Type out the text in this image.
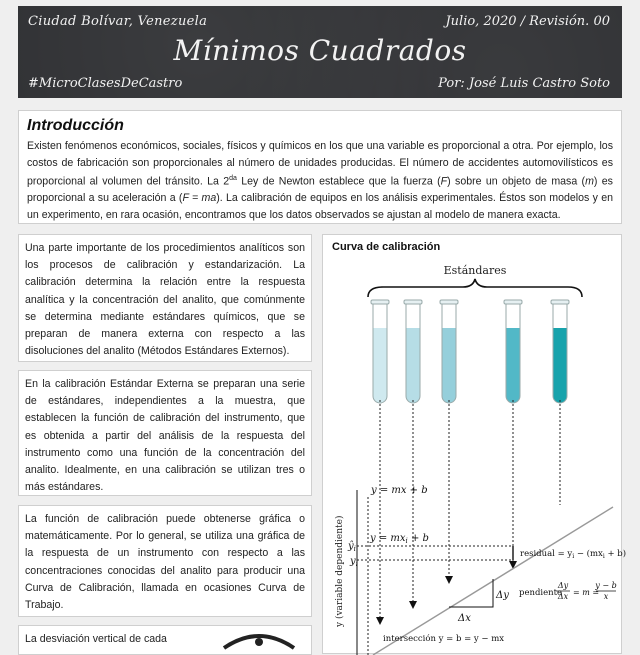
Ciudad Bolívar, Venezuela	Julio, 2020 / Revisión. 00
Mínimos Cuadrados
#MicroClasesDeCastro	Por: José Luis Castro Soto
Introducción

Existen fenómenos económicos, sociales, físicos y químicos en los que una variable es proporcional a otra. Por ejemplo, los costos de fabricación son proporcionales al número de unidades producidas. El número de accidentes automovilísticos es proporcional al volumen del tránsito. La $2^{da}$ Ley de Newton establece que la fuerza (F) sobre un objeto de masa (m) es proporcional a su aceleración a (F = ma). La calibración de equipos en los análisis experimentales. Éstos son modelos y en un experimento, en rara ocasión, encontramos que los datos observados se ajustan al modelo de manera exacta.

Una parte importante de los procedimientos analíticos son los procesos de calibración y estandarización. La calibración determina la relación entre la respuesta analítica y la concentración del analito, que comúnmente se determina mediante estándares químicos, que se preparan de manera externa con respecto a las disoluciones del analito (Métodos Estándares Externos).

En la calibración Estándar Externa se preparan una serie de estándares, independientes a la muestra, que establecen la función de calibración del instrumento, que es obtenida a partir del análisis de la respuesta del instrumento como una función de la concentración del analito. Idealmente, en una calibración se utilizan tres o más estándares.

La función de calibración puede obtenerse gráfica o matemáticamente. Por lo general, se utiliza una gráfica de la respuesta de un instrumento con respecto a las concentraciones conocidas del analito para producir una Curva de Calibración, llamada en ocasiones Curva de Trabajo.

La desviación vertical de cada
Curva de calibración
Estándares
y (variable dependiente)
y = mx + b
$y = mx_i + b$
$ŷ_i$
$y_i$
residual = $y_i - (mx_i + b)$
Δy
Δx
pendiente
Δy
Δx = m =
y − b
x
intersección y = b = y − mx
